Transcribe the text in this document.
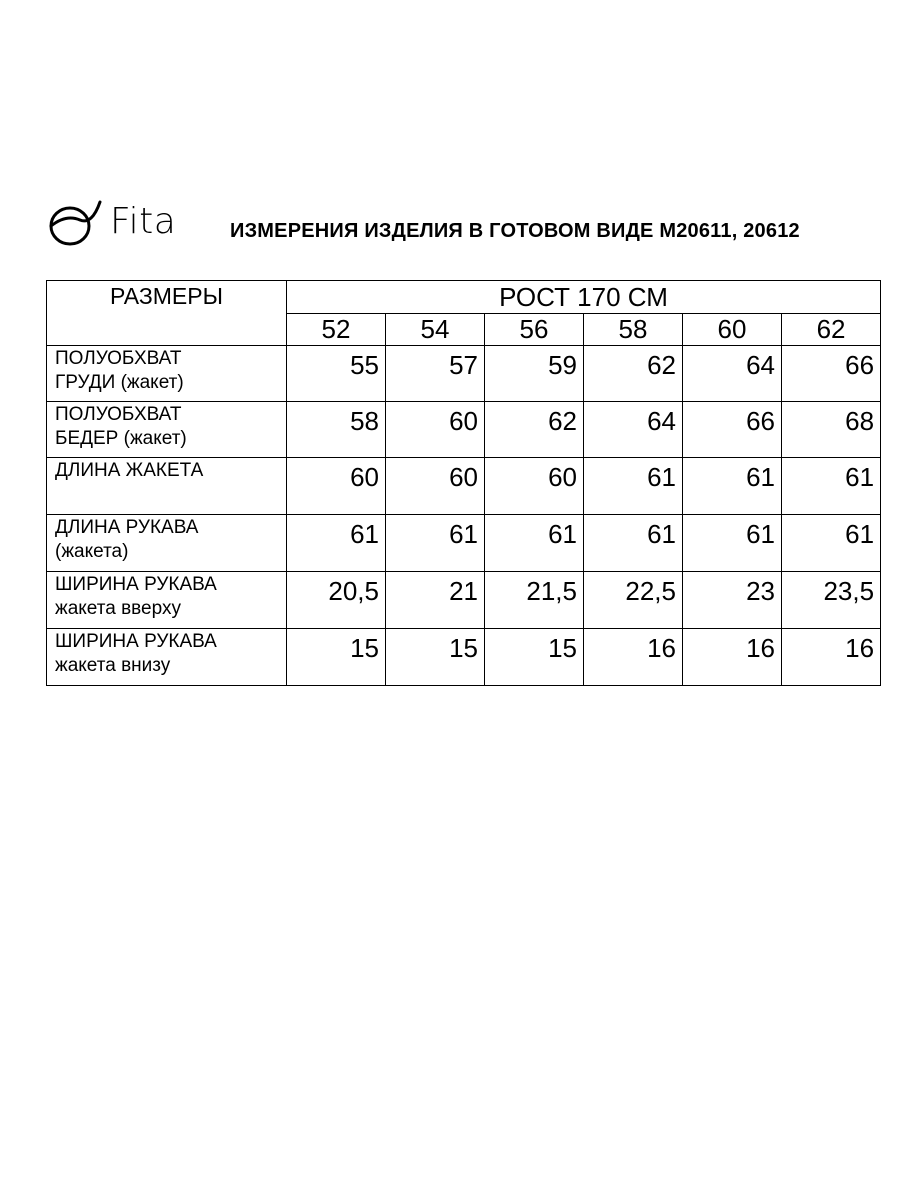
Fita	ИЗМЕРЕНИЯ ИЗДЕЛИЯ В ГОТОВОМ ВИДЕ М20611, 20612
РАЗМЕРЫ	РОСТ 170 СМ					
	52	54	56	58	60	62

ПОЛУОБХВАТ
ГРУДИ (жакет)	55	57	59	62	64	66

ПОЛУОБХВАТ
БЕДЕР (жакет)	58	60	62	64	66	68

ДЛИНА ЖАКЕТА	60	60	60	61	61	61

ДЛИНА РУКАВА
(жакета)	61	61	61	61	61	61

ШИРИНА РУКАВА
жакета вверху	20,5	21	21,5	22,5	23	23,5

ШИРИНА РУКАВА
жакета внизу	15	15	15	16	16	16
